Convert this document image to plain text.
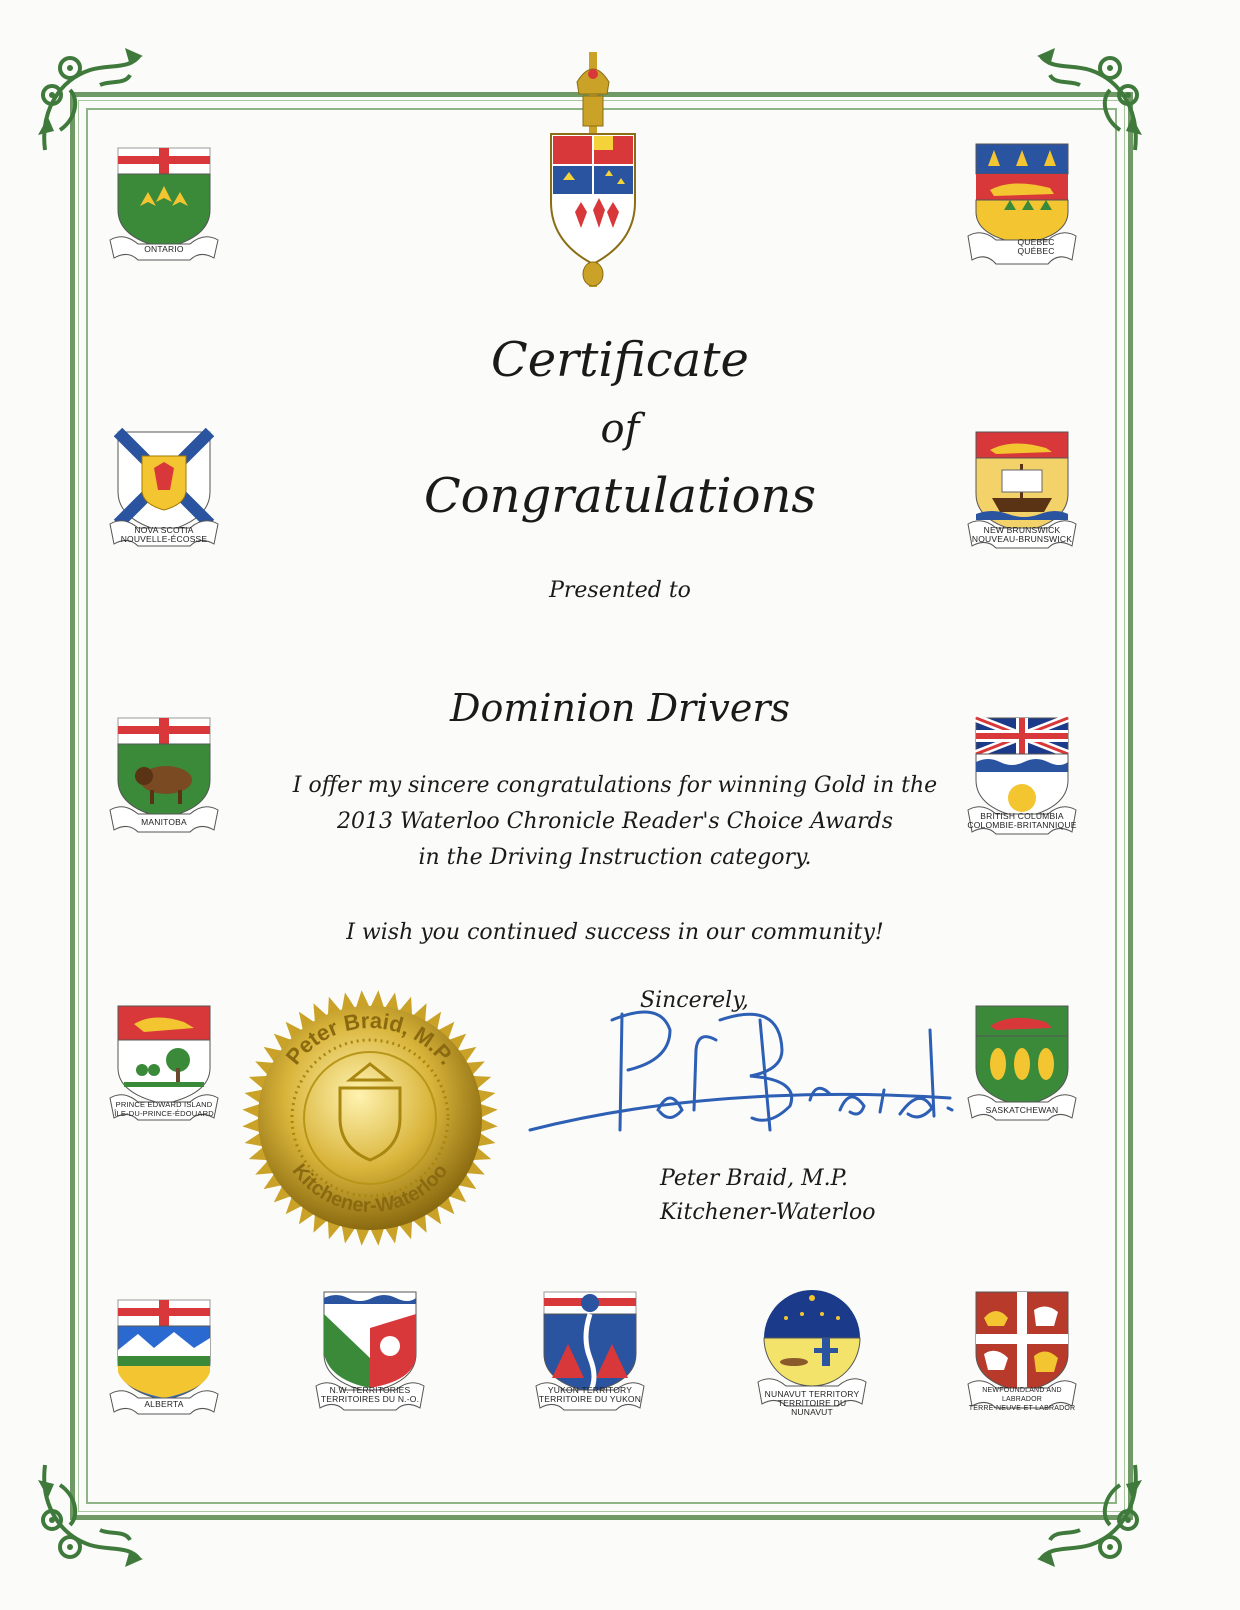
ONTARIO
NOVA SCOTIA
NOUVELLE-ÉCOSSE
MANITOBA
PRINCE EDWARD ISLAND
ÎLE-DU-PRINCE-ÉDOUARD
QUEBEC
QUÉBEC
NEW BRUNSWICK
NOUVEAU-BRUNSWICK
BRITISH COLUMBIA
COLOMBIE-BRITANNIQUE
SASKATCHEWAN
ALBERTA
N.W. TERRITORIES
TERRITOIRES DU N.-O.
YUKON TERRITORY
TERRITOIRE DU YUKON	NUNAVUT TERRITORY TERRITOIRE DU NUNAVUT
NEWFOUNDLAND AND LABRADOR
TERRE-NEUVE-ET-LABRADOR
Certificate
of
Congratulations
Presented to
Dominion Drivers
I offer my sincere congratulations for winning Gold in the
2013 Waterloo Chronicle Reader's Choice Awards
in the Driving Instruction category.
I wish you continued success in our community!
Sincerely,
Peter Braid, M.P.
Kitchener-Waterloo	Peter Braid, M.P.
Kitchener-Waterloo
